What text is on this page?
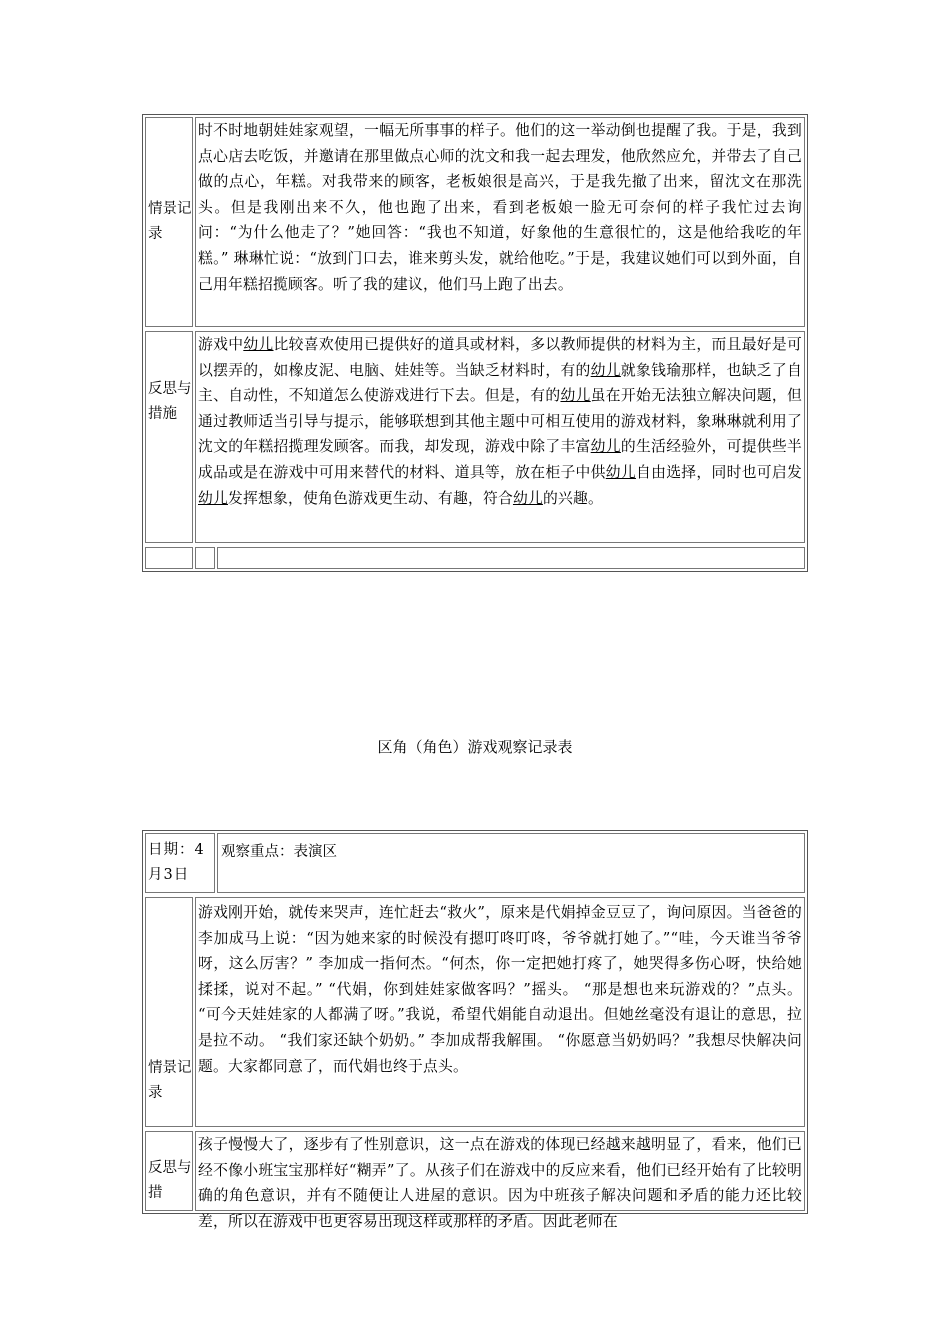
情景记录

时不时地朝娃娃家观望，一幅无所事事的样子。他们的这一举动倒也提醒了我。于是，我到点心店去吃饭，并邀请在那里做点心师的沈文和我一起去理发，他欣然应允，并带去了自己做的点心，年糕。对我带来的顾客，老板娘很是高兴，于是我先撤了出来，留沈文在那洗头。但是我刚出来不久，他也跑了出来，看到老板娘一脸无可奈何的样子我忙过去询问：“为什么他走了？”她回答：“我也不知道，好象他的生意很忙的，这是他给我吃的年糕。” 琳琳忙说：“放到门口去，谁来剪头发，就给他吃。”于是，我建议她们可以到外面，自己用年糕招揽顾客。听了我的建议，他们马上跑了出去。

反思与措施

游戏中幼儿比较喜欢使用已提供好的道具或材料，多以教师提供的材料为主，而且最好是可以摆弄的，如橡皮泥、电脑、娃娃等。当缺乏材料时，有的幼儿就象钱瑜那样，也缺乏了自主、自动性，不知道怎么使游戏进行下去。但是，有的幼儿虽在开始无法独立解决问题，但通过教师适当引导与提示，能够联想到其他主题中可相互使用的游戏材料，象琳琳就利用了沈文的年糕招揽理发顾客。而我，却发现，游戏中除了丰富幼儿的生活经验外，可提供些半成品或是在游戏中可用来替代的材料、道具等，放在柜子中供幼儿自由选择，同时也可启发幼儿发挥想象，使角色游戏更生动、有趣，符合幼儿的兴趣。

区角（角色）游戏观察记录表

日期：4月3日

观察重点：表演区

情景记录

游戏刚开始，就传来哭声，连忙赶去“救火”，原来是代娟掉金豆豆了，询问原因。当爸爸的李加成马上说：“因为她来家的时候没有摁叮咚叮咚，爷爷就打她了。”“哇，今天谁当爷爷呀，这么厉害？” 李加成一指何杰。“何杰，你一定把她打疼了，她哭得多伤心呀，快给她揉揉，说对不起。” “代娟，你到娃娃家做客吗？”摇头。 “那是想也来玩游戏的？”点头。 “可今天娃娃家的人都满了呀。”我说，希望代娟能自动退出。但她丝毫没有退让的意思，拉是拉不动。 “我们家还缺个奶奶。” 李加成帮我解围。 “你愿意当奶奶吗？”我想尽快解决问题。大家都同意了，而代娟也终于点头。

反思与措

孩子慢慢大了，逐步有了性别意识，这一点在游戏的体现已经越来越明显了，看来，他们已经不像小班宝宝那样好“糊弄”了。从孩子们在游戏中的反应来看，他们已经开始有了比较明确的角色意识，并有不随便让人进屋的意识。因为中班孩子解决问题和矛盾的能力还比较差，所以在游戏中也更容易出现这样或那样的矛盾。因此老师在
